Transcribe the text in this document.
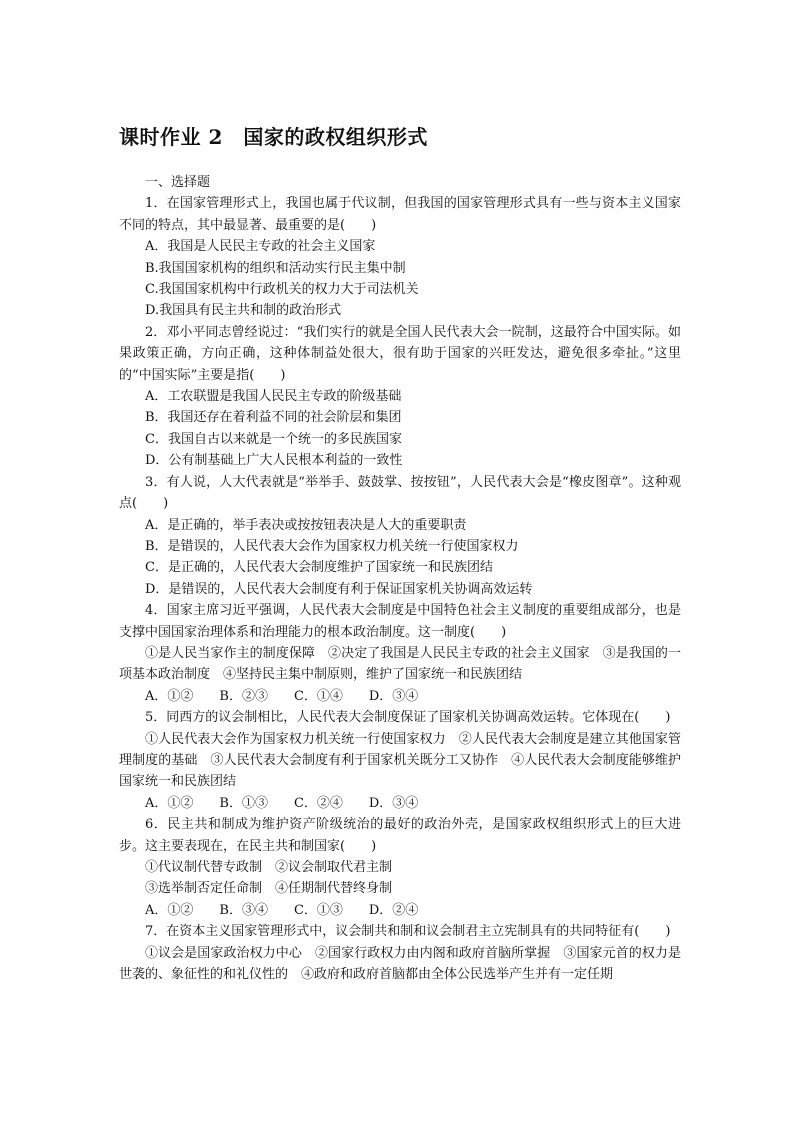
课时作业 2　国家的政权组织形式

一、选择题

1．在国家管理形式上，我国也属于代议制，但我国的国家管理形式具有一些与资本主义国家不同的特点，其中最显著、最重要的是(　　)

A．我国是人民民主专政的社会主义国家

B.我国国家机构的组织和活动实行民主集中制

C.我国国家机构中行政机关的权力大于司法机关

D.我国具有民主共和制的政治形式

2．邓小平同志曾经说过：“我们实行的就是全国人民代表大会一院制，这最符合中国实际。如果政策正确，方向正确，这种体制益处很大，很有助于国家的兴旺发达，避免很多牵扯。”这里的“中国实际”主要是指(　　)

A．工农联盟是我国人民民主专政的阶级基础

B．我国还存在着利益不同的社会阶层和集团

C．我国自古以来就是一个统一的多民族国家

D．公有制基础上广大人民根本利益的一致性

3．有人说，人大代表就是“举举手、鼓鼓掌、按按钮”，人民代表大会是“橡皮图章”。这种观点(　　)

A．是正确的，举手表决或按按钮表决是人大的重要职责

B．是错误的，人民代表大会作为国家权力机关统一行使国家权力

C．是正确的，人民代表大会制度维护了国家统一和民族团结

D．是错误的，人民代表大会制度有利于保证国家机关协调高效运转

4．国家主席习近平强调，人民代表大会制度是中国特色社会主义制度的重要组成部分，也是支撑中国国家治理体系和治理能力的根本政治制度。这一制度(　　)

①是人民当家作主的制度保障　②决定了我国是人民民主专政的社会主义国家　③是我国的一项基本政治制度　④坚持民主集中制原则，维护了国家统一和民族团结

A．①②　　B．②③　　C．①④　　D．③④

5．同西方的议会制相比，人民代表大会制度保证了国家机关协调高效运转。它体现在(　　)

①人民代表大会作为国家权力机关统一行使国家权力　②人民代表大会制度是建立其他国家管理制度的基础　③人民代表大会制度有利于国家机关既分工又协作　④人民代表大会制度能够维护国家统一和民族团结

A．①②　　B．①③　　C．②④　　D．③④

6．民主共和制成为维护资产阶级统治的最好的政治外壳，是国家政权组织形式上的巨大进步。这主要表现在，在民主共和制国家(　　)

①代议制代替专政制　②议会制取代君主制

③选举制否定任命制　④任期制代替终身制

A．①②　　B．③④　　C．①③　　D．②④

7．在资本主义国家管理形式中，议会制共和制和议会制君主立宪制具有的共同特征有(　　)

①议会是国家政治权力中心　②国家行政权力由内阁和政府首脑所掌握　③国家元首的权力是世袭的、象征性的和礼仪性的　④政府和政府首脑都由全体公民选举产生并有一定任期
